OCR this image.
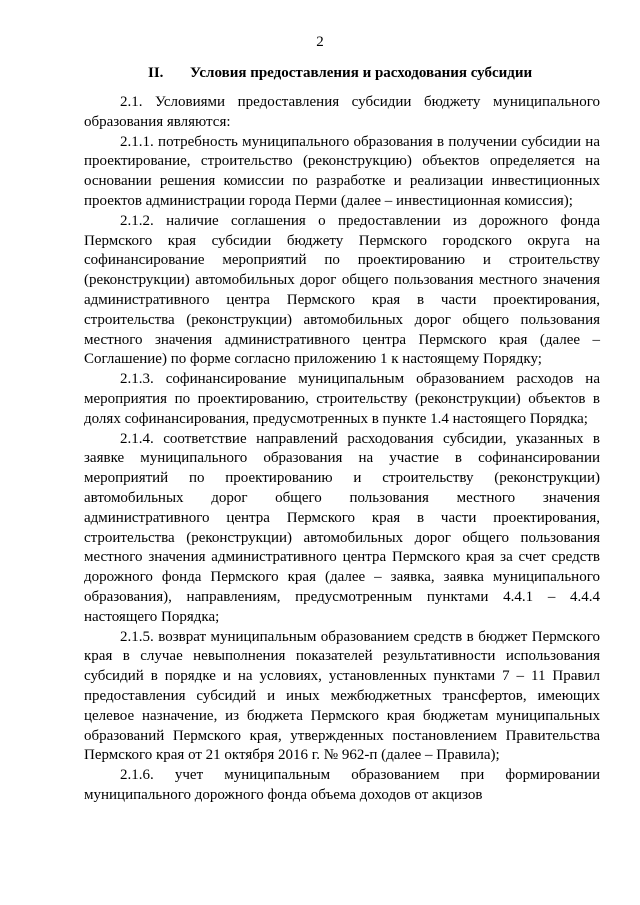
2
II. Условия предоставления и расходования субсидии

2.1. Условиями предоставления субсидии бюджету муниципального образования являются:

2.1.1. потребность муниципального образования в получении субсидии на проектирование, строительство (реконструкцию) объектов определяется на основании решения комиссии по разработке и реализации инвестиционных проектов администрации города Перми (далее – инвестиционная комиссия);

2.1.2. наличие соглашения о предоставлении из дорожного фонда Пермского края субсидии бюджету Пермского городского округа на софинансирование мероприятий по проектированию и строительству (реконструкции) автомобильных дорог общего пользования местного значения административного центра Пермского края в части проектирования, строительства (реконструкции) автомобильных дорог общего пользования местного значения административного центра Пермского края (далее – Соглашение) по форме согласно приложению 1 к настоящему Порядку;

2.1.3. софинансирование муниципальным образованием расходов на мероприятия по проектированию, строительству (реконструкции) объектов в долях софинансирования, предусмотренных в пункте 1.4 настоящего Порядка;

2.1.4. соответствие направлений расходования субсидии, указанных в заявке муниципального образования на участие в софинансировании мероприятий по проектированию и строительству (реконструкции) автомобильных дорог общего пользования местного значения административного центра Пермского края в части проектирования, строительства (реконструкции) автомобильных дорог общего пользования местного значения административного центра Пермского края за счет средств дорожного фонда Пермского края (далее – заявка, заявка муниципального образования), направлениям, предусмотренным пунктами 4.4.1 – 4.4.4 настоящего Порядка;

2.1.5. возврат муниципальным образованием средств в бюджет Пермского края в случае невыполнения показателей результативности использования субсидий в порядке и на условиях, установленных пунктами 7 – 11 Правил предоставления субсидий и иных межбюджетных трансфертов, имеющих целевое назначение, из бюджета Пермского края бюджетам муниципальных образований Пермского края, утвержденных постановлением Правительства Пермского края от 21 октября 2016 г. № 962-п (далее – Правила);

2.1.6. учет муниципальным образованием при формировании муниципального дорожного фонда объема доходов от акцизов
